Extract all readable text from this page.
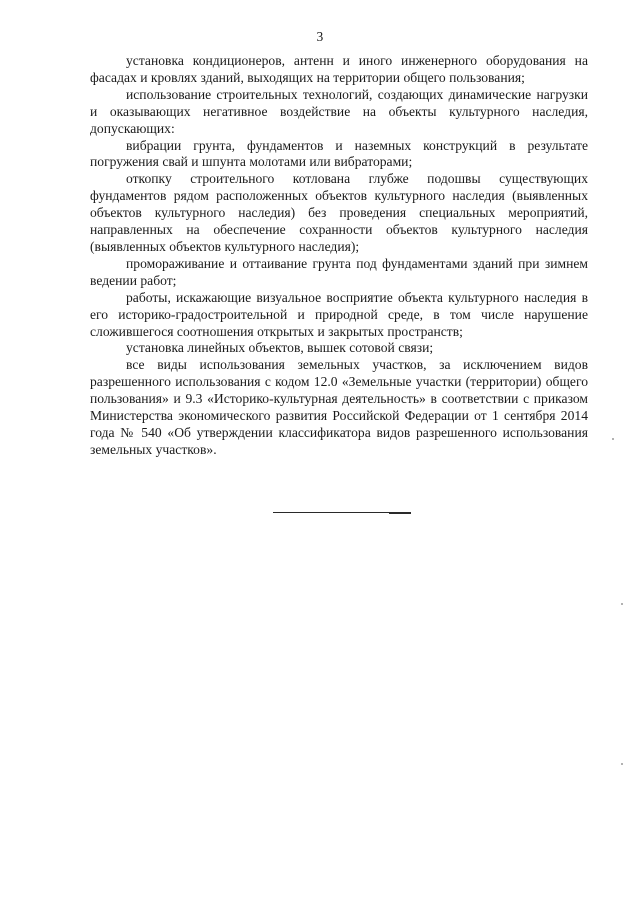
3

установка кондиционеров, антенн и иного инженерного оборудования на фасадах и кровлях зданий, выходящих на территории общего пользования;

использование строительных технологий, создающих динамические нагрузки и оказывающих негативное воздействие на объекты культурного наследия, допускающих:

вибрации грунта, фундаментов и наземных конструкций в результате погружения свай и шпунта молотами или вибраторами;

откопку строительного котлована глубже подошвы существующих фундаментов рядом расположенных объектов культурного наследия (выявленных объектов культурного наследия) без проведения специальных мероприятий, направленных на обеспечение сохранности объектов культурного наследия (выявленных объектов культурного наследия);

промораживание и оттаивание грунта под фундаментами зданий при зимнем ведении работ;

работы, искажающие визуальное восприятие объекта культурного наследия в его историко-градостроительной и природной среде, в том числе нарушение сложившегося соотношения открытых и закрытых пространств;

установка линейных объектов, вышек сотовой связи;

все виды использования земельных участков, за исключением видов разрешенного использования с кодом 12.0 «Земельные участки (территории) общего пользования» и 9.3 «Историко-культурная деятельность» в соответствии с приказом Министерства экономического развития Российской Федерации от 1 сентября 2014 года № 540 «Об утверждении классификатора видов разрешенного использования земельных участков».
